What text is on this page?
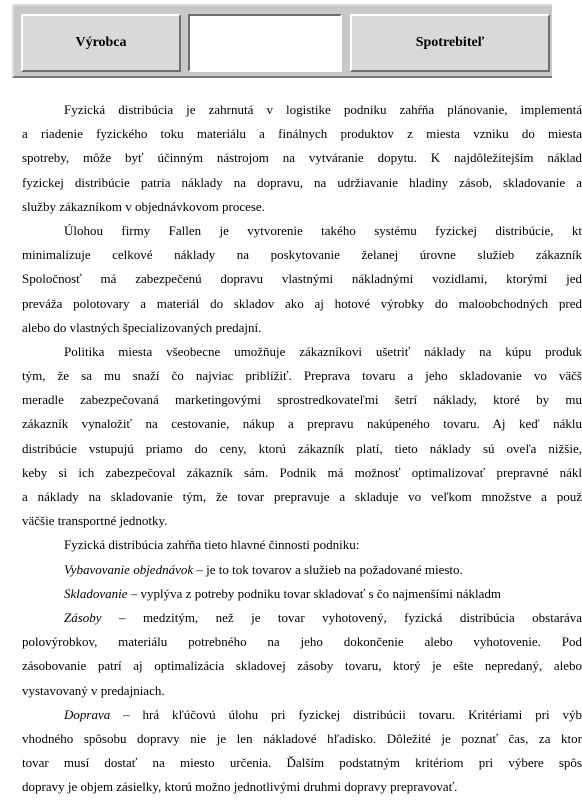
Výrobca	Spotrebiteľ

Fyzická distribúcia je zahrnutá v logistike podniku zahŕňa plánovanie, implementá

a riadenie fyzického toku materiálu a finálnych produktov z miesta vzniku do miesta

spotreby, môže byť účinným nástrojom na vytváranie dopytu. K najdôležitejším náklad

fyzickej distribúcie patria náklady na dopravu, na udržiavanie hladiny zásob, skladovanie a

služby zákazníkom v objednávkovom procese.

Úlohou firmy Fallen je vytvorenie takého systému fyzickej distribúcie, kt

minimalizuje celkové náklady na poskytovanie želanej úrovne služieb zákazník

Spoločnosť má zabezpečenú dopravu vlastnými nákladnými vozidlami, ktorými jed

preváža polotovary a materiál do skladov ako aj hotové výrobky do maloobchodných pred

alebo do vlastných špecializovaných predajní.

Politika miesta všeobecne umožňuje zákazníkovi ušetriť náklady na kúpu produk

tým, že sa mu snaží čo najviac priblížiť. Preprava tovaru a jeho skladovanie vo väčš

meradle zabezpečovaná marketingovými sprostredkovateľmi šetrí náklady, ktoré by mu

zákazník vynaložiť na cestovanie, nákup a prepravu nakúpeného tovaru. Aj keď náklu

distribúcie vstupujú priamo do ceny, ktorú zákazník platí, tieto náklady sú oveľa nižšie,

keby si ich zabezpečoval zákazník sám. Podnik má možnosť optimalizovať prepravné nákl

a náklady na skladovanie tým, že tovar prepravuje a skladuje vo veľkom množstve a použ

väčšie transportné jednotky.

Fyzická distribúcia zahŕňa tieto hlavné činnosti podniku:

Vybavovanie objednávok – je to tok tovarov a služieb na požadované miesto.

Skladovanie – vyplýva z potreby podniku tovar skladovať s čo najmenšími nákladm

Zásoby – medzitým, než je tovar vyhotovený, fyzická distribúcia obstaráva

polovýrobkov, materiálu potrebného na jeho dokončenie alebo vyhotovenie. Pod

zásobovanie patrí aj optimalizácia skladovej zásoby tovaru, ktorý je ešte nepredaný, alebo

vystavovaný v predajniach.

Doprava – hrá kľúčovú úlohu pri fyzickej distribúcii tovaru. Kritériami pri výb

vhodného spôsobu dopravy nie je len nákladové hľadisko. Dôležité je poznať čas, za ktor

tovar musí dostať na miesto určenia. Ďalším podstatným kritériom pri výbere spôs

dopravy je objem zásielky, ktorú možno jednotlivými druhmi dopravy prepravovať.
